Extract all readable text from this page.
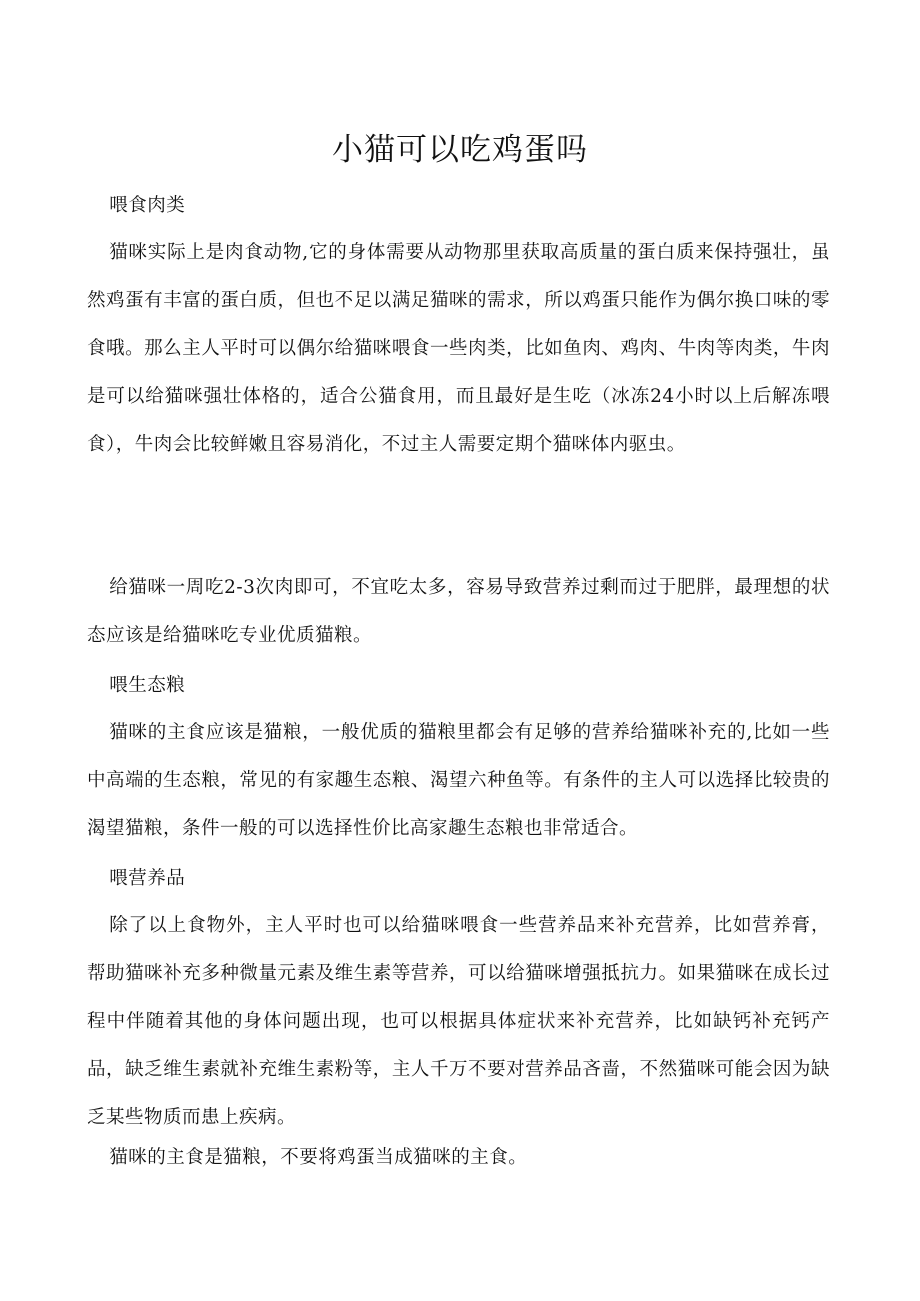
小猫可以吃鸡蛋吗

喂食肉类

猫咪实际上是肉食动物,它的身体需要从动物那里获取高质量的蛋白质来保持强壮，虽然鸡蛋有丰富的蛋白质，但也不足以满足猫咪的需求，所以鸡蛋只能作为偶尔换口味的零食哦。那么主人平时可以偶尔给猫咪喂食一些肉类，比如鱼肉、鸡肉、牛肉等肉类，牛肉是可以给猫咪强壮体格的，适合公猫食用，而且最好是生吃（冰冻24小时以上后解冻喂食），牛肉会比较鲜嫩且容易消化，不过主人需要定期个猫咪体内驱虫。

给猫咪一周吃2-3次肉即可，不宜吃太多，容易导致营养过剩而过于肥胖，最理想的状态应该是给猫咪吃专业优质猫粮。

喂生态粮

猫咪的主食应该是猫粮，一般优质的猫粮里都会有足够的营养给猫咪补充的,比如一些中高端的生态粮，常见的有家趣生态粮、渴望六种鱼等。有条件的主人可以选择比较贵的渴望猫粮，条件一般的可以选择性价比高家趣生态粮也非常适合。

喂营养品

除了以上食物外，主人平时也可以给猫咪喂食一些营养品来补充营养，比如营养膏，帮助猫咪补充多种微量元素及维生素等营养，可以给猫咪增强抵抗力。如果猫咪在成长过程中伴随着其他的身体问题出现，也可以根据具体症状来补充营养，比如缺钙补充钙产品，缺乏维生素就补充维生素粉等，主人千万不要对营养品吝啬，不然猫咪可能会因为缺乏某些物质而患上疾病。

猫咪的主食是猫粮，不要将鸡蛋当成猫咪的主食。
